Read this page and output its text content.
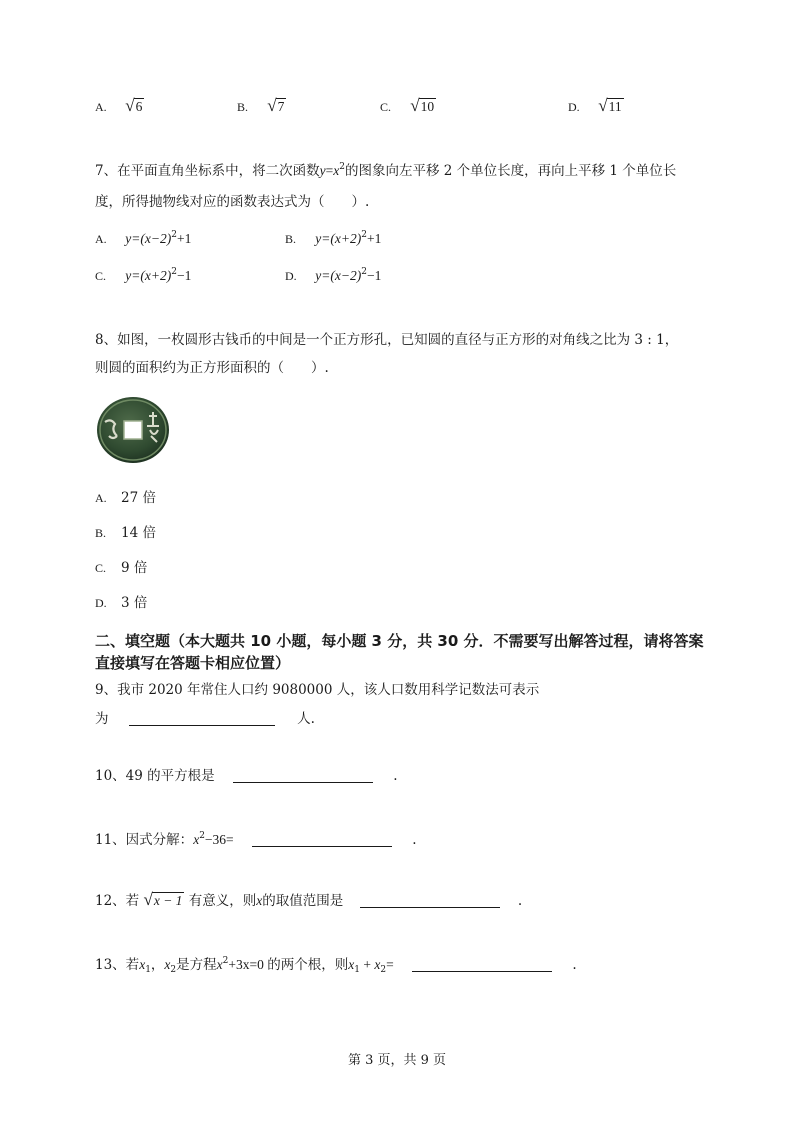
A. √ 6	B. √ 7	C. √ 10	D. √ 11
7、在平面直角坐标系中，将二次函数$y=x^2$的图象向左平移 2 个单位长度，再向上平移 1 个单位长
度，所得抛物线对应的函数表达式为（　　）.
A. $y=(x-2)^2+1$	B. $y=(x+2)^2+1$
C. $y=(x+2)^2-1$	D. $y=(x-2)^2-1$
8、如图，一枚圆形古钱币的中间是一个正方形孔，已知圆的直径与正方形的对角线之比为 3 : 1，
则圆的面积约为正方形面积的（　　）.
A. 27 倍
B. 14 倍
C. 9 倍
D. 3 倍
二、填空题（本大题共 10 小题，每小题 3 分，共 30 分．不需要写出解答过程，请将答案直接填写在答题卡相应位置）
9、我市 2020 年常住人口约 9080000 人，该人口数用科学记数法可表示
为	人.
10、49 的平方根是	.
11、因式分解：$x^2-36=$	.
12、若 √ x − 1 有意义，则x的取值范围是	.
13、若$x_1$，$x_2$是方程$x^2+3x=0$ 的两个根，则$x_1 + x_2=$	.
第 3 页，共 9 页
